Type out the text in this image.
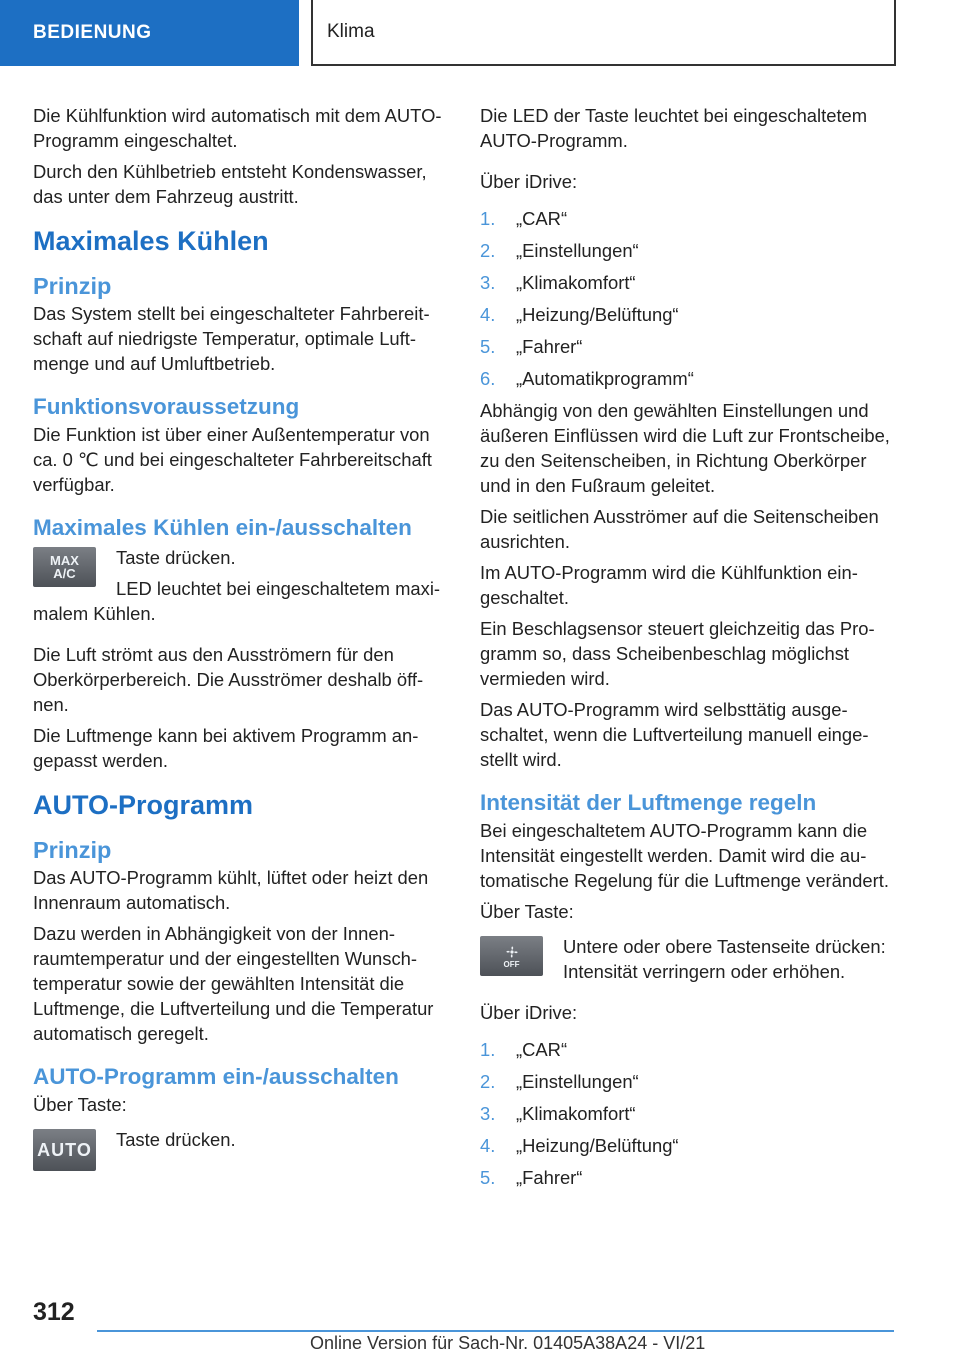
BEDIENUNG	Klima

Die Kühlfunktion wird automatisch mit dem AUTO-Programm eingeschaltet.

Durch den Kühlbetrieb entsteht Kondenswasser, das unter dem Fahrzeug austritt.

Maximales Kühlen
Prinzip

Das System stellt bei eingeschalteter Fahrbereitschaft auf niedrigste Temperatur, optimale Luftmenge und auf Umluftbetrieb.

Funktionsvoraussetzung

Die Funktion ist über einer Außentemperatur von ca. 0 ℃ und bei eingeschalteter Fahrbereitschaft verfügbar.

Maximales Kühlen ein-/ausschalten
MAX
A/C

Taste drücken.

LED leuchtet bei eingeschaltetem maximalem Kühlen.

Die Luft strömt aus den Ausströmern für den Oberkörperbereich. Die Ausströmer deshalb öffnen.

Die Luftmenge kann bei aktivem Programm angepasst werden.

AUTO-Programm
Prinzip

Das AUTO-Programm kühlt, lüftet oder heizt den Innenraum automatisch.

Dazu werden in Abhängigkeit von der Innenraumtemperatur und der eingestellten Wunschtemperatur sowie der gewählten Intensität die Luftmenge, die Luftverteilung und die Temperatur automatisch geregelt.

AUTO-Programm ein-/ausschalten

Über Taste:

AUTO Taste drücken.

Die LED der Taste leuchtet bei eingeschaltetem AUTO-Programm.

Über iDrive:

1.	„CAR“
2.	„Einstellungen“
3.	„Klimakomfort“
4.	„Heizung/Belüftung“
5.	„Fahrer“
6.	„Automatikprogramm“

Abhängig von den gewählten Einstellungen und äußeren Einflüssen wird die Luft zur Frontscheibe, zu den Seitenscheiben, in Richtung Oberkörper und in den Fußraum geleitet.

Die seitlichen Ausströmer auf die Seitenscheiben ausrichten.

Im AUTO-Programm wird die Kühlfunktion eingeschaltet.

Ein Beschlagsensor steuert gleichzeitig das Programm so, dass Scheibenbeschlag möglichst vermieden wird.

Das AUTO-Programm wird selbsttätig ausgeschaltet, wenn die Luftverteilung manuell eingestellt wird.

Intensität der Luftmenge regeln

Bei eingeschaltetem AUTO-Programm kann die Intensität eingestellt werden. Damit wird die automatische Regelung für die Luftmenge verändert.

Über Taste:

OFF

Untere oder obere Tastenseite drücken: Intensität verringern oder erhöhen.

Über iDrive:

1.	„CAR“
2.	„Einstellungen“
3.	„Klimakomfort“
4.	„Heizung/Belüftung“
5.	„Fahrer“
312
Online Version für Sach-Nr. 01405A38A24 - VI/21
